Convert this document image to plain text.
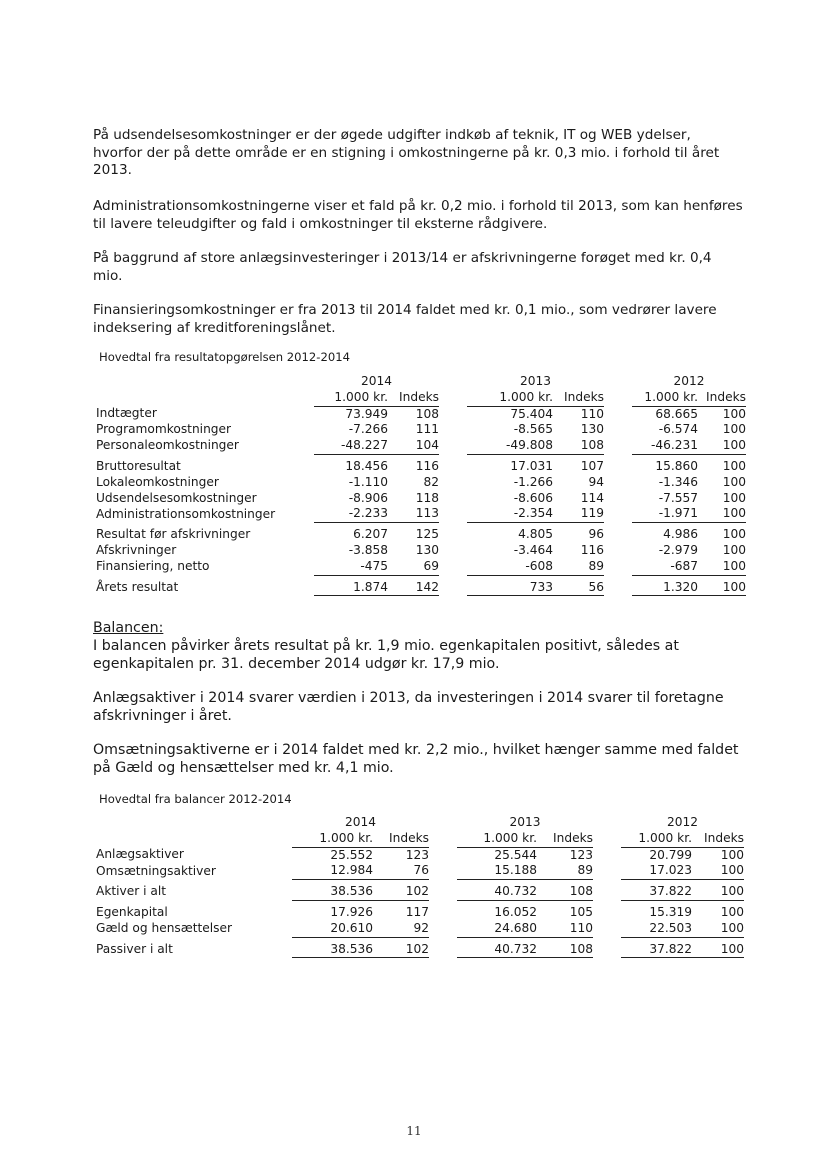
På udsendelsesomkostninger er der øgede udgifter indkøb af teknik, IT og WEB ydelser, hvorfor der på dette område er en stigning i omkostningerne på kr. 0,3 mio. i forhold til året 2013.

Administrationsomkostningerne viser et fald på kr. 0,2 mio. i forhold til 2013, som kan henføres til lavere teleudgifter og fald i omkostninger til eksterne rådgivere.

På baggrund af store anlægsinvesteringer i 2013/14 er afskrivningerne forøget med kr. 0,4 mio.

Finansieringsomkostninger er fra 2013 til 2014 faldet med kr. 0,1 mio., som vedrører lavere indeksering af kreditforeningslånet.

Hovedtal fra resultatopgørelsen 2012-2014

	2014			2013			2012	
	1.000 kr.	Indeks		1.000 kr.	Indeks		1.000 kr.	Indeks
Indtægter	73.949	108		75.404	110		68.665	100
Programomkostninger	-7.266	111		-8.565	130		-6.574	100
Personaleomkostninger	-48.227	104		-49.808	108		-46.231	100

Bruttoresultat	18.456	116		17.031	107		15.860	100
Lokaleomkostninger	-1.110	82		-1.266	94		-1.346	100
Udsendelsesomkostninger	-8.906	118		-8.606	114		-7.557	100
Administrationsomkostninger	-2.233	113		-2.354	119		-1.971	100

Resultat før afskrivninger	6.207	125		4.805	96		4.986	100
Afskrivninger	-3.858	130		-3.464	116		-2.979	100
Finansiering, netto	-475	69		-608	89		-687	100

Årets resultat	1.874	142		733	56		1.320	100

Balancen:
I balancen påvirker årets resultat på kr. 1,9 mio. egenkapitalen positivt, således at egenkapitalen pr. 31. december 2014 udgør kr. 17,9 mio.

Anlægsaktiver i 2014 svarer værdien i 2013, da investeringen i 2014 svarer til foretagne afskrivninger i året.

Omsætningsaktiverne er i 2014 faldet med kr. 2,2 mio., hvilket hænger samme med faldet på Gæld og hensættelser med kr. 4,1 mio.

Hovedtal fra balancer 2012-2014

	2014			2013			2012	
	1.000 kr.	Indeks		1.000 kr.	Indeks		1.000 kr.	Indeks
Anlægsaktiver	25.552	123		25.544	123		20.799	100
Omsætningsaktiver	12.984	76		15.188	89		17.023	100

Aktiver i alt	38.536	102		40.732	108		37.822	100

Egenkapital	17.926	117		16.052	105		15.319	100
Gæld og hensættelser	20.610	92		24.680	110		22.503	100

Passiver i alt	38.536	102		40.732	108		37.822	100
11
